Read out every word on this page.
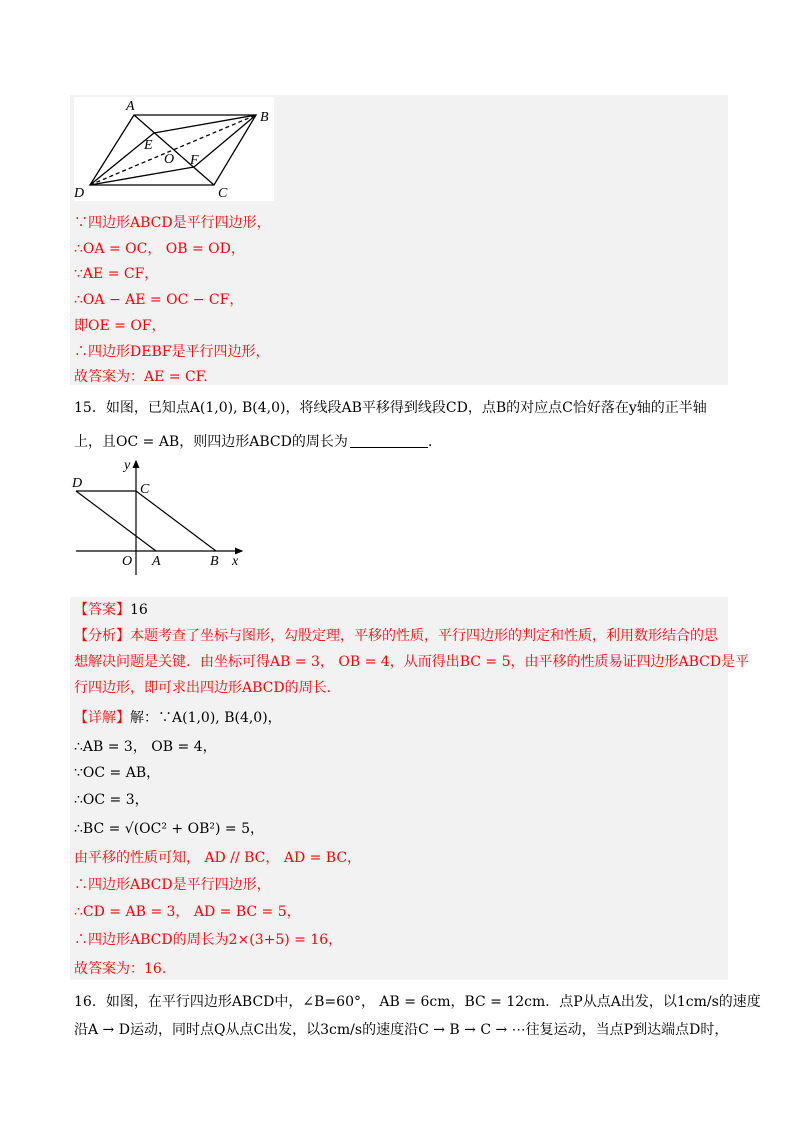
A
B
C
D
E
O F
∵四边形ABCD是平行四边形，
∴OA = OC， OB = OD，
∵AE = CF，
∴OA − AE = OC − CF，
即OE = OF，
∴四边形DEBF是平行四边形，
故答案为：AE = CF.
15．如图，已知点A(1,0), B(4,0)，将线段AB平移得到线段CD，点B的对应点C恰好落在y轴的正半轴
上，且OC = AB，则四边形ABCD的周长为	.
y
x
D	C
O A	B
【答案】16
【分析】本题考查了坐标与图形，勾股定理，平移的性质，平行四边形的判定和性质，利用数形结合的思
想解决问题是关键．由坐标可得AB = 3， OB = 4，从而得出BC = 5，由平移的性质易证四边形ABCD是平
行四边形，即可求出四边形ABCD的周长.
【详解】解：∵A(1,0), B(4,0)，
∴AB = 3， OB = 4，
∵OC = AB，
∴OC = 3，
∴BC = √(OC² + OB²) = 5，
由平移的性质可知， AD // BC， AD = BC，
∴四边形ABCD是平行四边形，
∴CD = AB = 3， AD = BC = 5，
∴四边形ABCD的周长为2×(3+5) = 16，
故答案为：16.
16．如图，在平行四边形ABCD中，∠B=60°， AB = 6cm，BC = 12cm．点P从点A出发，以1cm/s的速度
沿A → D运动，同时点Q从点C出发，以3cm/s的速度沿C → B → C → ⋯往复运动，当点P到达端点D时，
